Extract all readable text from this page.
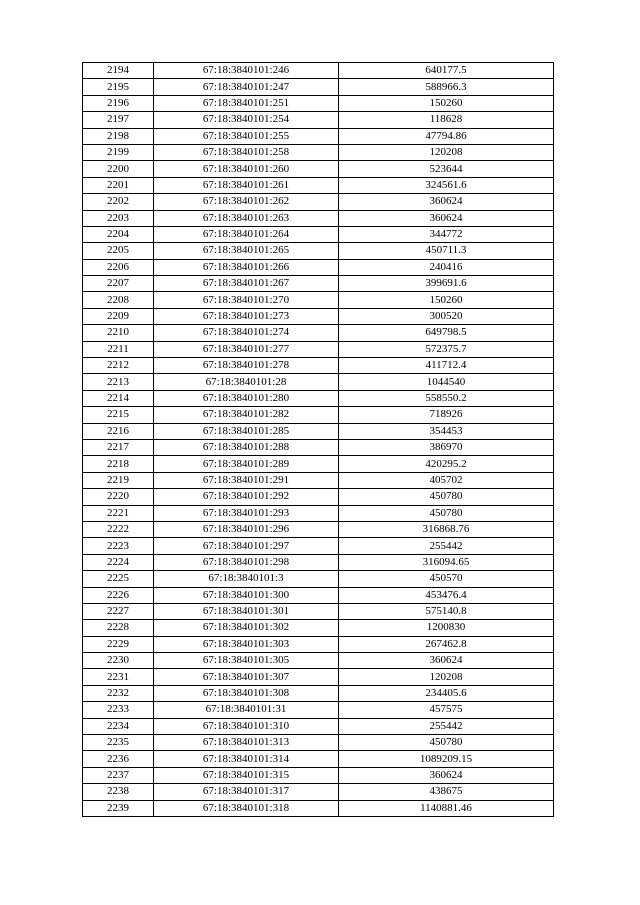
2194	67:18:3840101:246	640177.5
2195	67:18:3840101:247	588966.3
2196	67:18:3840101:251	150260
2197	67:18:3840101:254	118628
2198	67:18:3840101:255	47794.86
2199	67:18:3840101:258	120208
2200	67:18:3840101:260	523644
2201	67:18:3840101:261	324561.6
2202	67:18:3840101:262	360624
2203	67:18:3840101:263	360624
2204	67:18:3840101:264	344772
2205	67:18:3840101:265	450711.3
2206	67:18:3840101:266	240416
2207	67:18:3840101:267	399691.6
2208	67:18:3840101:270	150260
2209	67:18:3840101:273	300520
2210	67:18:3840101:274	649798.5
2211	67:18:3840101:277	572375.7
2212	67:18:3840101:278	411712.4
2213	67:18:3840101:28	1044540
2214	67:18:3840101:280	558550.2
2215	67:18:3840101:282	718926
2216	67:18:3840101:285	354453
2217	67:18:3840101:288	386970
2218	67:18:3840101:289	420295.2
2219	67:18:3840101:291	405702
2220	67:18:3840101:292	450780
2221	67:18:3840101:293	450780
2222	67:18:3840101:296	316868.76
2223	67:18:3840101:297	255442
2224	67:18:3840101:298	316094.65
2225	67:18:3840101:3	450570
2226	67:18:3840101:300	453476.4
2227	67:18:3840101:301	575140.8
2228	67:18:3840101:302	1200830
2229	67:18:3840101:303	267462.8
2230	67:18:3840101:305	360624
2231	67:18:3840101:307	120208
2232	67:18:3840101:308	234405.6
2233	67:18:3840101:31	457575
2234	67:18:3840101:310	255442
2235	67:18:3840101:313	450780
2236	67:18:3840101:314	1089209.15
2237	67:18:3840101:315	360624
2238	67:18:3840101:317	438675
2239	67:18:3840101:318	1140881.46
